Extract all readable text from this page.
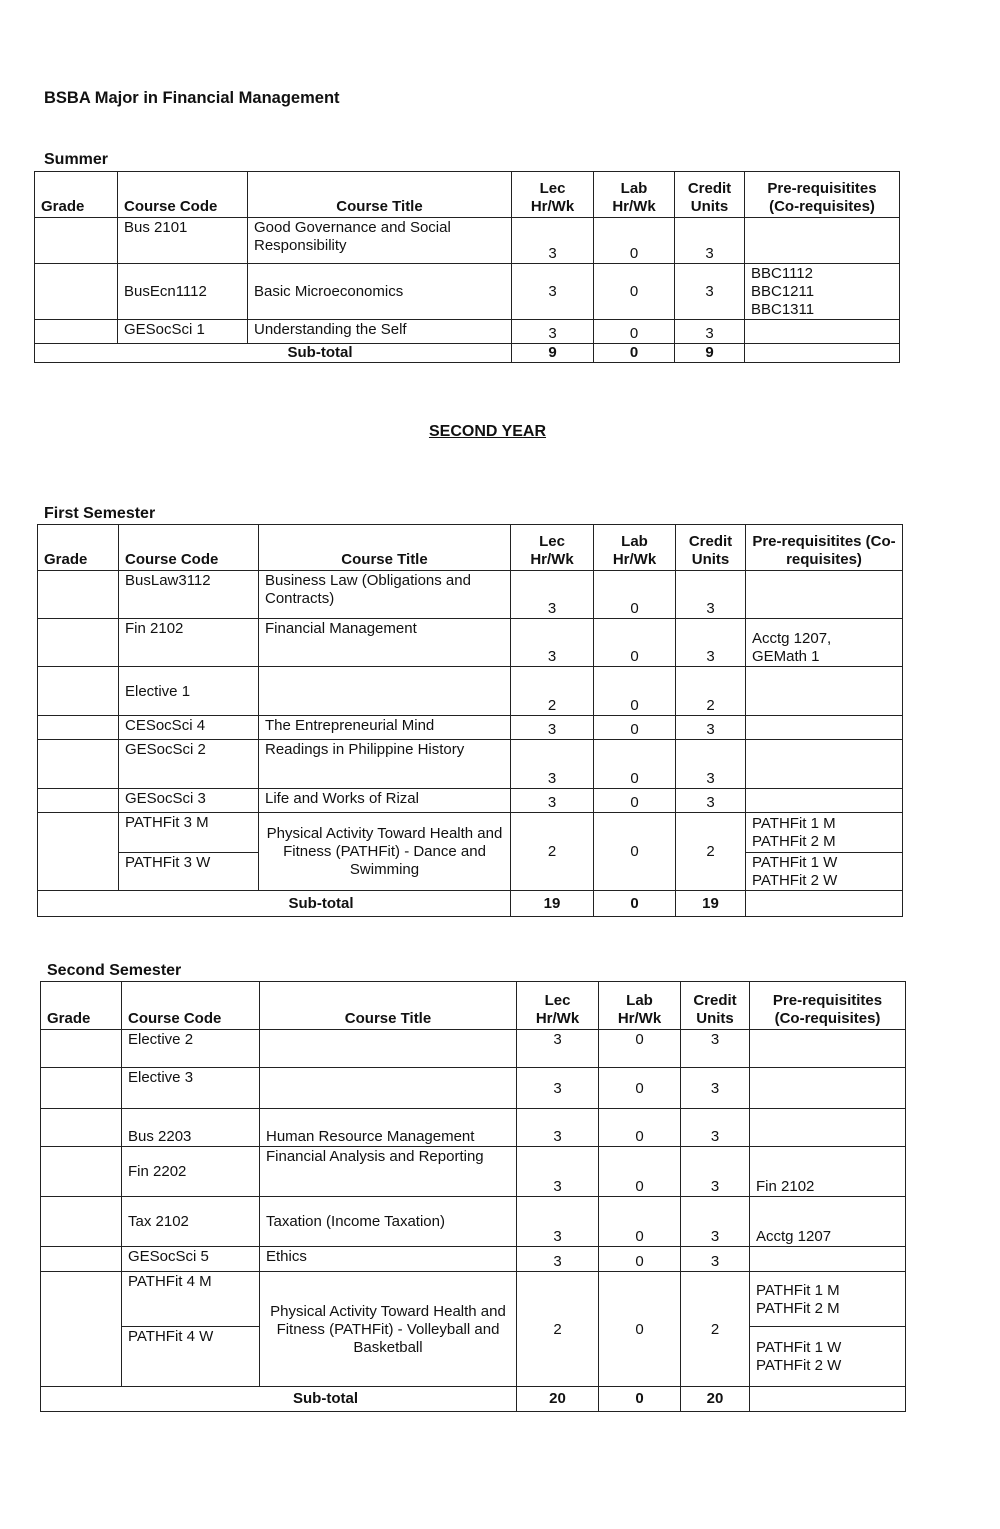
BSBA Major in Financial Management
Summer
Grade	Course Code	Course Title	Lec Hr/Wk	Lab Hr/Wk	Credit Units	Pre-requisitites (Co-requisites)
	Bus 2101	Good Governance and Social Responsibility	3	0	3	
	BusEcn1112	Basic Microeconomics	3	0	3	BBC1112
BBC1211
BBC1311

	GESocSci 1	Understanding the Self	3	0	3	
Sub-total			9	0	9	
SECOND YEAR
First Semester
Grade	Course Code	Course Title	Lec Hr/Wk	Lab Hr/Wk	Credit Units	Pre-requisitites (Co-requisites)
	BusLaw3112	Business Law (Obligations and Contracts)	3	0	3	
	Fin 2102	Financial Management	3	0	3	Acctg 1207,
GEMath 1

	Elective 1		2	0	2	
	CESocSci 4	The Entrepreneurial Mind	3	0	3	
	GESocSci 2	Readings in Philippine History	3	0	3	
	GESocSci 3	Life and Works of Rizal	3	0	3	
	PATHFit 3 M	Physical Activity Toward Health and Fitness (PATHFit) - Dance and Swimming	2	0	2	PATHFit 1 M
PATHFit 2 M

	PATHFit 3 W					PATHFit 1 W
PATHFit 2 W

Sub-total			19	0	19	
Second Semester
Grade	Course Code	Course Title	Lec Hr/Wk	Lab Hr/Wk	Credit Units	Pre-requisitites (Co-requisites)
	Elective 2		3	0	3	
	Elective 3		3	0	3	
	Bus 2203	Human Resource Management	3	0	3	
	Fin 2202	Financial Analysis and Reporting	3	0	3	Fin 2102

	Tax 2102	Taxation (Income Taxation)	3	0	3	Acctg 1207

	GESocSci 5	Ethics	3	0	3	
	PATHFit 4 M	Physical Activity Toward Health and Fitness (PATHFit) - Volleyball and Basketball	2	0	2	PATHFit 1 M
PATHFit 2 M

	PATHFit 4 W					PATHFit 1 W
PATHFit 2 W

Sub-total			20	0	20	
